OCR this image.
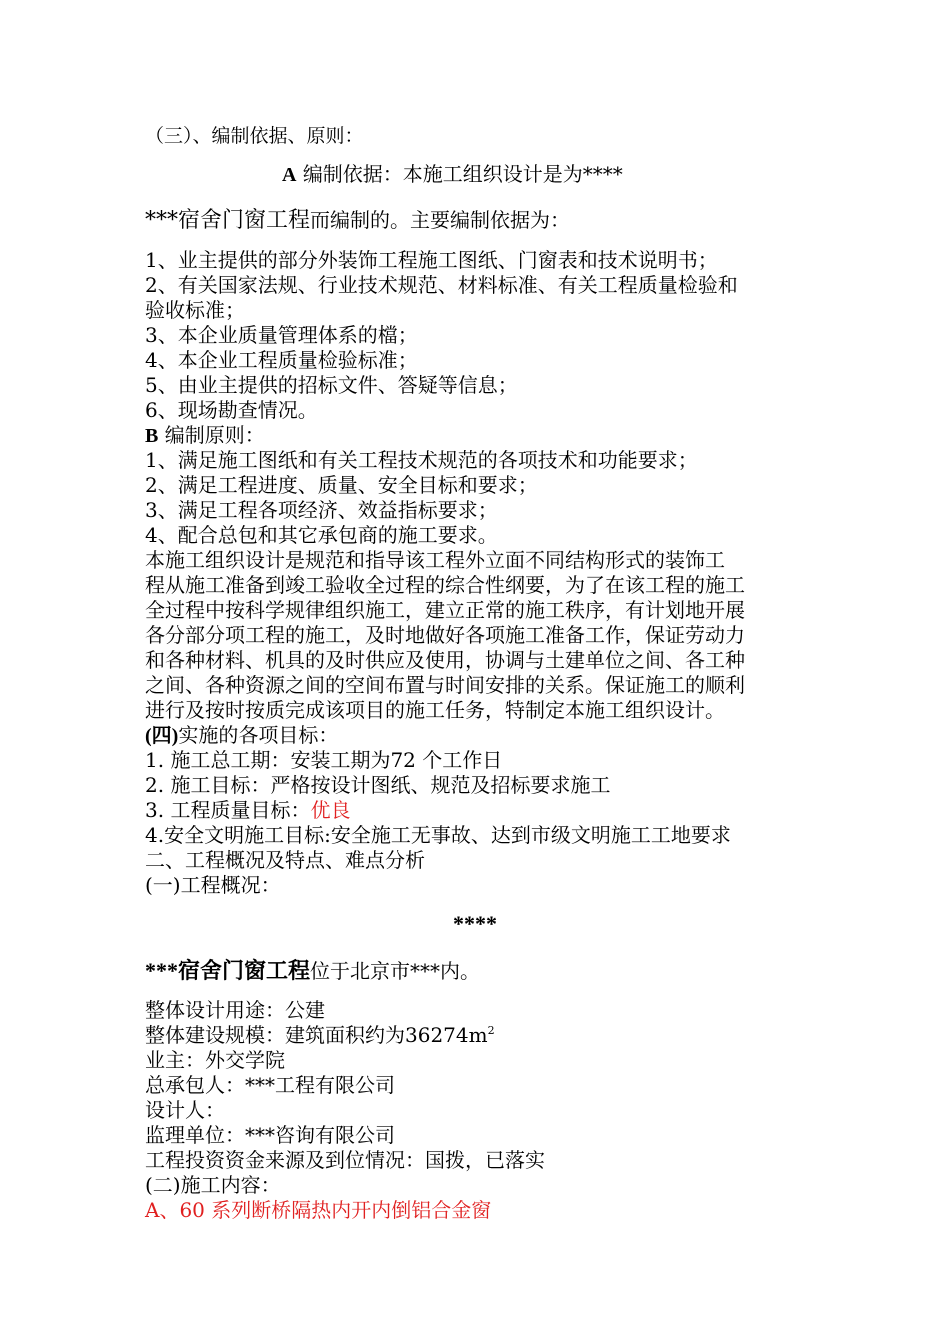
（三）、编制依据、原则：
A 编制依据：本施工组织设计是为****
***宿舍门窗工程而编制的。主要编制依据为：
1、业主提供的部分外装饰工程施工图纸、门窗表和技术说明书；
2、有关国家法规、行业技术规范、材料标准、有关工程质量检验和
验收标准；
3、本企业质量管理体系的檔；
4、本企业工程质量检验标准；
5、由业主提供的招标文件、答疑等信息；
6、现场勘查情况。
B 编制原则：
1、满足施工图纸和有关工程技术规范的各项技术和功能要求；
2、满足工程进度、质量、安全目标和要求；
3、满足工程各项经济、效益指标要求；
4、配合总包和其它承包商的施工要求。
本施工组织设计是规范和指导该工程外立面不同结构形式的装饰工
程从施工准备到竣工验收全过程的综合性纲要，为了在该工程的施工
全过程中按科学规律组织施工，建立正常的施工秩序，有计划地开展
各分部分项工程的施工，及时地做好各项施工准备工作，保证劳动力
和各种材料、机具的及时供应及使用，协调与土建单位之间、各工种
之间、各种资源之间的空间布置与时间安排的关系。保证施工的顺利
进行及按时按质完成该项目的施工任务，特制定本施工组织设计。
(四)实施的各项目标：
1. 施工总工期：安装工期为72 个工作日
2. 施工目标：严格按设计图纸、规范及招标要求施工
3. 工程质量目标：优良
4.安全文明施工目标:安全施工无事故、达到市级文明施工工地要求
二、工程概况及特点、难点分析
(一)工程概况：
****
***宿舍门窗工程位于北京市***内。
整体设计用途：公建
整体建设规模：建筑面积约为$36274m^2$
业主：外交学院
总承包人：***工程有限公司
设计人：
监理单位：***咨询有限公司
工程投资资金来源及到位情况：国拨，已落实
(二)施工内容：
A、60 系列断桥隔热内开内倒铝合金窗
